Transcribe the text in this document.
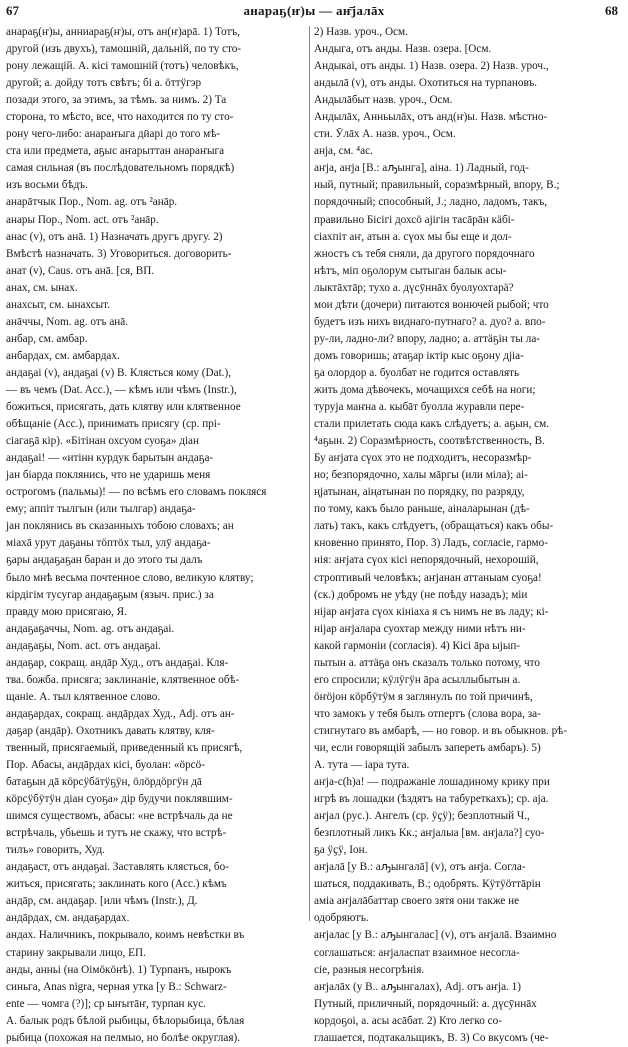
67	анараҕ(ҥ)ы — аҥ̄јалāх	68
анараҕ(ҥ)ы, анниараҕ(ҥ)ы, отъ ан(ҥ)арā. 1) Тотъ,
другой (изъ двухъ), тамошній, дальній, по ту сто-
рону лежащій. А. кісі тамошній (тотъ) человѣкъ,
другой; а. дойду тотъ свѣтъ; бі а. ӧттӱгэр
позади этого, за этимъ, за тѣмъ. за нимъ. 2) Та
сторона, то мѣсто, все, что находится по ту сто-
рону чего-либо: анараҥыга дӣарі до того мѣ-
ста или предмета, аҕыс аҥарыттан анараҥыга
самая сильная (въ послѣдовательномъ порядкѣ)
изъ восьми бѣдъ.
анарāтчык Пор., Nom. ag. отъ ²анāр.
анары Пор., Nom. act. отъ ²анāр.
анас (v), отъ анā. 1) Назначать другъ другу. 2)
Вмѣстѣ назначать. 3) Уговориться. договорить-
анат (v), Caus. отъ анā. [ся, ВП.
анах, см. ынах.
анахсыт, см. ынахсыт.
анāччы, Nom. ag. отъ анā.
анбар, см. амбар.
анбардах, см. амбардах.
андаҕаі (v), андаҕаі (v) В. Клясться кому (Dat.),
— въ чемъ (Dat. Acc.), — кѣмъ или чѣмъ (Instr.),
божиться, присягать, дать клятву или клятвенное
обѣщаніе (Acc.), принимать присягу (ср. прі-
сіагаҕā кір). «Бітінан охсуом суоҕа» діан
андаҕаі! — «итінн курдук барытын андаҕа-
јан біарда поклянись, что не ударишь меня
острогомъ (пальмы)! — по всѣмъ его словамъ покляся
ему; аппіт тылгын (или тылгар) андаҕа-
јан поклянись въ сказанныхъ тобою словахъ; ан
міахā урут даҕаны тӧптӧх тыл, улӯ андаҕа-
ҕары андаҕаҕан баран и до этого ты далъ
было мнѣ весьма почтенное слово, великую клятву;
кірдігім тусугар андаҕаҕым (языч. прис.) за
правду мою присягаю, Я.
андаҕаҕаччы, Nom. ag. отъ андаҕаі.
андаҕаҕы, Nom. act. отъ андаҕаі.
андаҕар, сокращ. андāр Худ., отъ андаҕаі. Кля-
тва. божба. присяга; заклинаніе, клятвенное обѣ-
щаніе. А. тыл клятвенное слово.
андаҕардах, сокращ. андāрдах Худ., Adj. отъ ан-
даҕар (андāр). Охотникъ давать клятву, кля-
твенный, присягаемый, приведенный къ присягѣ,
Пор. Абасы, андāрдах кісі, буолан: «ӧрсӧ-
батаҕын дā кӧрсӱбӓтӱҕӱн, ӧлӧрдӧргӱн дā
кӧрсӱбӱтӱн діан суоҕа» дір будучи поклявшим-
шимся существомъ, абасы: «не встрѣчаль да не
встрѣчаль, убьешь и тутъ не скажу, что встрѣ-
тилъ» говорить, Худ.
андаҕаст, отъ андаҕаі. Заставлять клясться, бо-
житься, присягать; заклинать кого (Acc.) кѣмъ
андāр, см. андаҕар. [или чѣмъ (Instr.), Д.
андāрдах, см. андаҕардах.
андах. Наличникъ, покрывало, коимъ невѣстки въ
старину закрывали лицо, ЕП.
анды, анньі (на Оімӧкӧнѣ). 1) Турпанъ, нырокъ
синьга, Anas nigra, черная утка [у В.: Schwarz-
ente — чомга (?)]; ср ыҥытāҥ, турпан кус.
А. балык родъ бѣлой рыбицы, бѣлорыбица, бѣлая
рыбица (похожая на пелмыо, но болѣе округлая).
2) Назв. уроч., Осм.
Андыга, отъ анды. Назв. озера. [Осм.
Андыкаі, отъ анды. 1) Назв. озера. 2) Назв. уроч.,
андылā (v), отъ анды. Охотиться на турпановъ.
Андылāбыт назв. уроч., Осм.
Андылāх, Анньылāх, отъ анд(ҥ)ы. Назв. мѣстно-
сти. Ӯлāх А. назв. уроч., Осм.
анја, см. ⁴ас.
аҥја, аҥја [В.: аԡынга], аіна. 1) Ладный, год-
ный, путный; правильный, соразмѣрный, впору, В.;
порядочный; способный, Ј.; ладно, ладомъ, такъ,
правильно Бісігі дохсӧ ајігін тасāрāн кӓбі-
сіахпіт аҥ, атын а. сүох мы бы еще и дол-
жностъ съ тебя сняли, да другого порядочнаго
нѣтъ, міп оҕолорум сытыган балык асы-
лыктāхтāр; тухо а. дүсӯннāх буолуохтарӓ?
мои дѣти (дочери) питаются вонючей рыбой; что
будетъ изъ нихъ виднаго-путнаго? а. дуо? а. впо-
ру-ли, ладно-ли? впору, ладно; а. аттӓҕін ты ла-
домъ говоришь; атаҕар іктір кыс оҕону дјіа-
ҕа олордор а. буолбат не годится оставлять
жить дома дѣвочекъ, мочащихся себѣ на ноги;
туруја маҥна а. кыбāт буолла журавли пере-
стали прилетать сюда какъ слѣдуетъ; а. аҕын, см.
⁴аҕын. 2) Соразмѣрность, соотвѣтственность, В.
Бу аҥјата сүох это не подходитъ, несоразмѣр-
но; безпорядочно, халы мāргы (или міла); аі-
ңјатынан, аіңатынан по порядку, по разряду,
по тому, какъ было раньше, аіналарынан (дѣ-
лать) такъ, какъ слѣдуетъ, (обращаться) какъ обы-
кновенно принято, Пор. 3) Ладъ, согласіе, гармо-
нія: аҥјата сүох кісі непорядочный, нехорошій,
строптивый человѣкъ; аҥјанан аттаныам суоҕа!
(ск.) добромъ не уѣду (не поѣду назадъ); міи
ніјар аҥјата сүох кініаха я съ нимъ не въ ладу; кі-
ніјар аҥјалара суохтар между ними нѣтъ ни-
какой гармоніи (согласія). 4) Кісі āра ыјып-
пытын а. аттӓҕа онъ сказалъ только потому, что
его спросили; кӱлӱгӱн āра асыллыбытын а.
ӧҥӧјон кӧрбӱтӱм я заглянулъ по той причинѣ,
что замокъ у тебя былъ отпертъ (слова вора, за-
стигнутаго въ амбарѣ, — но говор. и въ обыкнов. рѣ-
чи, если говорящій забылъ запереть амбаръ). 5)
А. тута — іара тута.
аҥја-с(һ)а! — подражаніе лошадиному крику при
игрѣ въ лошадки (ѣздятъ на табуреткахъ); ср. аја.
аҥјал (рус.). Ангелъ (ср. ӱҫӱ); безплотный Ч.,
безплотный ликъ Кк.; аҥјалыа [вм. аҥјала?] суо-
ҕа ӱҫӱ, Іон.
аҥјалā [у В.: аԡынгалā] (v), отъ аҥја. Согла-
шаться, поддакивать, В.; одобрять. Кӱтӱӧттāрін
аміа аҥјалāбаттар своего зятя они также не
одобряютъ.
аҥјалас [у В.: аԡынгалас] (v), отъ аҥјалā. Взаимно
соглашаться: аҥјаласпат взаимное несогла-
сіе, разныя несогрѣнія.
аҥјалāх (у В.. аԡынгалах), Adj. отъ аҥја. 1)
Путный, приличный, порядочный: а. дүсӯннāх
кордоҕоі, а. асы асāбат. 2) Кто легко со-
глашается, подтакальщикъ, В. 3) Со вкусомъ (че-
